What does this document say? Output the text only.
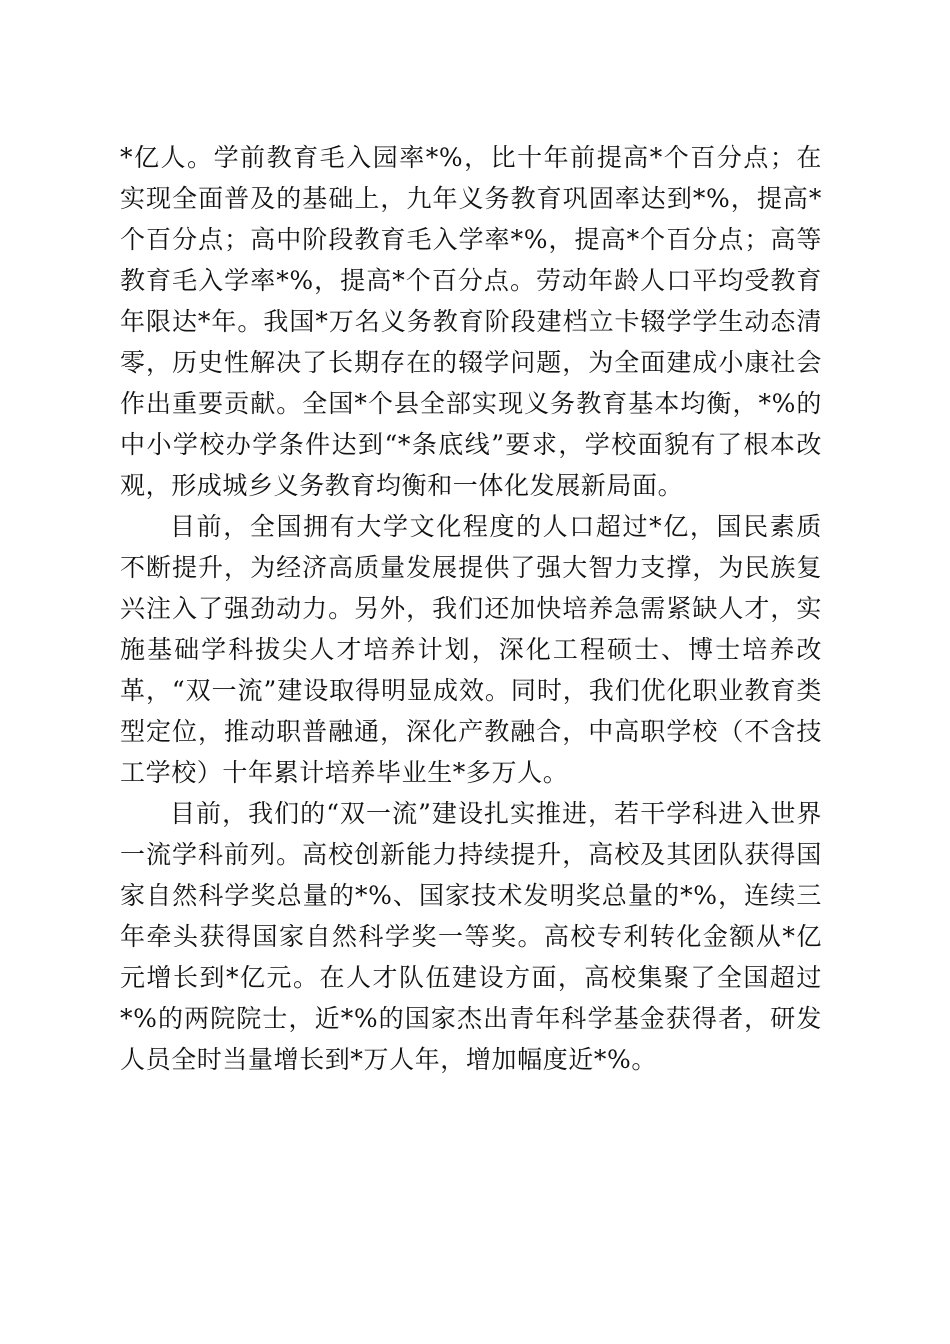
*亿人。学前教育毛入园率*%，比十年前提高*个百分点；在实现全面普及的基础上，九年义务教育巩固率达到*%，提高*个百分点；高中阶段教育毛入学率*%，提高*个百分点；高等教育毛入学率*%，提高*个百分点。劳动年龄人口平均受教育年限达*年。我国*万名义务教育阶段建档立卡辍学学生动态清零，历史性解决了长期存在的辍学问题，为全面建成小康社会作出重要贡献。全国*个县全部实现义务教育基本均衡，*%的中小学校办学条件达到“*条底线”要求，学校面貌有了根本改观，形成城乡义务教育均衡和一体化发展新局面。

目前，全国拥有大学文化程度的人口超过*亿，国民素质不断提升，为经济高质量发展提供了强大智力支撑，为民族复兴注入了强劲动力。另外，我们还加快培养急需紧缺人才，实施基础学科拔尖人才培养计划，深化工程硕士、博士培养改革，“双一流”建设取得明显成效。同时，我们优化职业教育类型定位，推动职普融通，深化产教融合，中高职学校（不含技工学校）十年累计培养毕业生*多万人。

目前，我们的“双一流”建设扎实推进，若干学科进入世界一流学科前列。高校创新能力持续提升，高校及其团队获得国家自然科学奖总量的*%、国家技术发明奖总量的*%，连续三年牵头获得国家自然科学奖一等奖。高校专利转化金额从*亿元增长到*亿元。在人才队伍建设方面，高校集聚了全国超过*%的两院院士，近*%的国家杰出青年科学基金获得者，研发人员全时当量增长到*万人年，增加幅度近*%。
